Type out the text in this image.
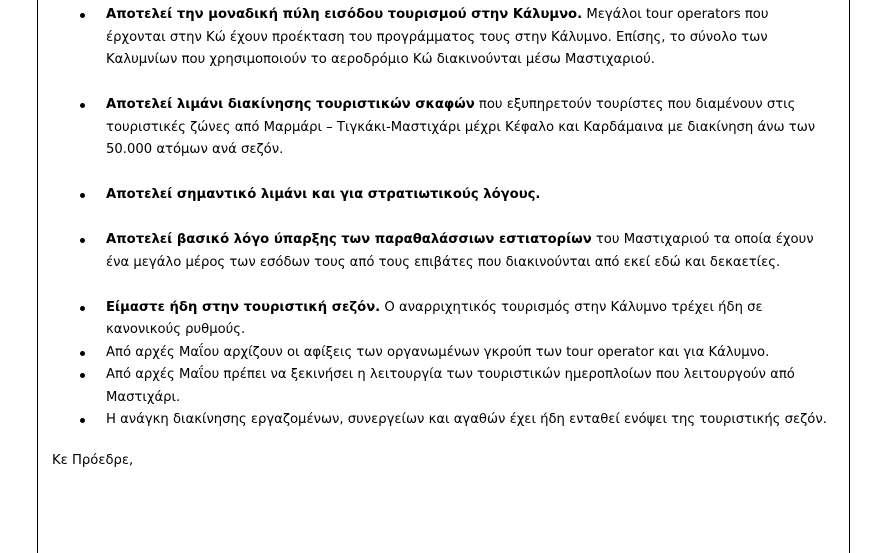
Αποτελεί την μοναδική πύλη εισόδου τουρισμού στην Κάλυμνο. Μεγάλοι tour operators που έρχονται στην Κώ έχουν προέκταση του προγράμματος τους στην Κάλυμνο. Επίσης, το σύνολο των Καλυμνίων που χρησιμοποιούν το αεροδρόμιο Κώ διακινούνται μέσω Μαστιχαριού.
Αποτελεί λιμάνι διακίνησης τουριστικών σκαφών που εξυπηρετούν τουρίστες που διαμένουν στις τουριστικές ζώνες από Μαρμάρι – Τιγκάκι-Μαστιχάρι μέχρι Κέφαλο και Καρδάμαινα με διακίνηση άνω των 50.000 ατόμων ανά σεζόν.
Αποτελεί σημαντικό λιμάνι και για στρατιωτικούς λόγους.
Αποτελεί βασικό λόγο ύπαρξης των παραθαλάσσιων εστιατορίων του Μαστιχαριού τα οποία έχουν ένα μεγάλο μέρος των εσόδων τους από τους επιβάτες που διακινούνται από εκεί εδώ και δεκαετίες.
Είμαστε ήδη στην τουριστική σεζόν. Ο αναρριχητικός τουρισμός στην Κάλυμνο τρέχει ήδη σε κανονικούς ρυθμούς.
Από αρχές Μαΐου αρχίζουν οι αφίξεις των οργανωμένων γκρούπ των tour operator και για Κάλυμνο.
Από αρχές Μαΐου πρέπει να ξεκινήσει η λειτουργία των τουριστικών ημεροπλοίων που λειτουργούν από Μαστιχάρι.
Η ανάγκη διακίνησης εργαζομένων, συνεργείων και αγαθών έχει ήδη ενταθεί ενόψει της τουριστικής σεζόν.
Κε Πρόεδρε,
